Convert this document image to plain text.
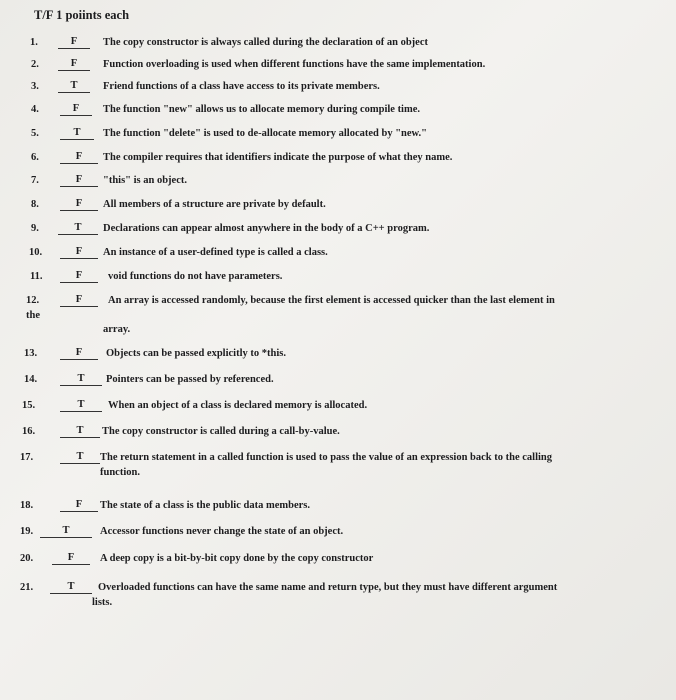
T/F 1 poiints each
1.	F	The copy constructor is always called during the declaration of an object
2.	F	Function overloading is used when different functions have the same implementation.
3.	T	Friend functions of a class have access to its private members.
4.	F	The function "new" allows us to allocate memory during compile time.
5.	T	The function "delete" is used to de-allocate memory allocated by "new."
6.	F	The compiler requires that identifiers indicate the purpose of what they name.
7.	F	"this" is an object.
8.	F	All members of a structure are private by default.
9.	T	Declarations can appear almost anywhere in the body of a C++ program.
10.	F	An instance of a user-defined type is called a class.
11.	F	void functions do not have parameters.
12.	F	An array is accessed randomly, because the first element is accessed quicker than the last element in
the
array.
13.	F	Objects can be passed explicitly to *this.
14.	T	Pointers can be passed by referenced.
15.	T	When an object of a class is declared memory is allocated.
16.	T	The copy constructor is called during a call-by-value.
17.	T	The return statement in a called function is used to pass the value of an expression back to the calling
function.
18.	F	The state of a class is the public data members.
19.	T	Accessor functions never change the state of an object.
20.	F	A deep copy is a bit-by-bit copy done by the copy constructor
21.	T	Overloaded functions can have the same name and return type, but they must have different argument
lists.
